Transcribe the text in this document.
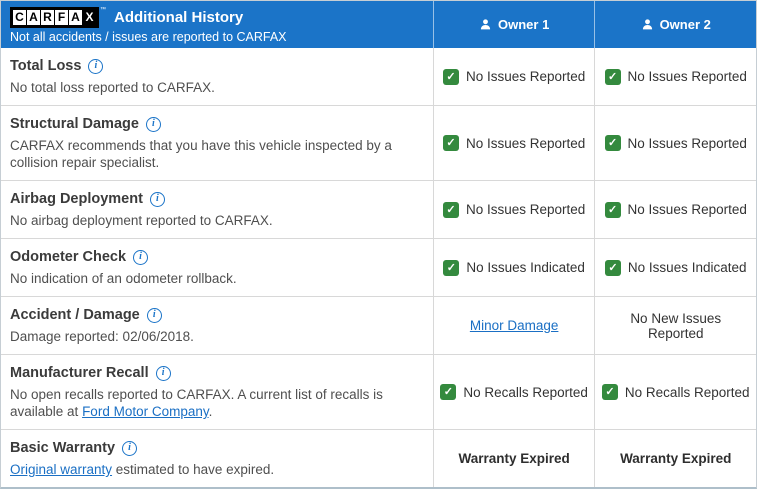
C A R F A X	™ Additional History
Not all accidents / issues are reported to CARFAX
Owner 1	Owner 2
Total Loss	i
No total loss reported to CARFAX.
✓ No Issues Reported	✓ No Issues Reported
Structural Damage	i
CARFAX recommends that you have this vehicle inspected by a collision repair specialist.
✓ No Issues Reported	✓ No Issues Reported
Airbag Deployment	i
No airbag deployment reported to CARFAX.
✓ No Issues Reported	✓ No Issues Reported
Odometer Check	i
No indication of an odometer rollback.
✓ No Issues Indicated	✓ No Issues Indicated
Accident / Damage	i
Damage reported: 02/06/2018.
Minor Damage	No New Issues Reported
Manufacturer Recall	i
No open recalls reported to CARFAX. A current list of recalls is available at Ford Motor Company.
✓ No Recalls Reported	✓ No Recalls Reported
Basic Warranty	i
Original warranty estimated to have expired.
Warranty Expired	Warranty Expired
